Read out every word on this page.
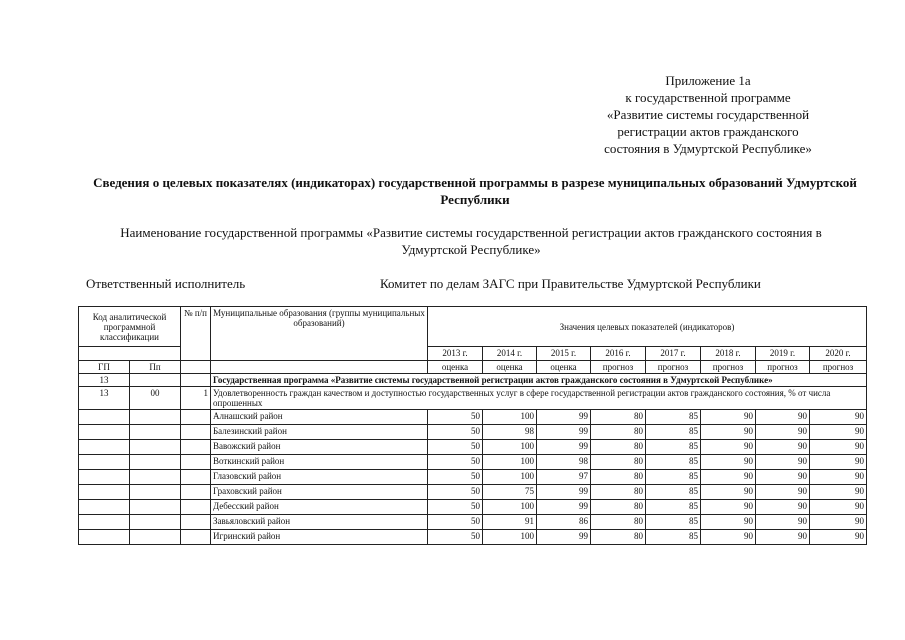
Приложение 1а
к государственной программе
«Развитие системы государственной
регистрации актов гражданского
состояния в Удмуртской Республике»
Сведения о целевых показателях (индикаторах) государственной программы в разрезе муниципальных образований Удмуртской Республики
Наименование государственной программы «Развитие системы государственной регистрации актов гражданского состояния в Удмуртской Республике»
Ответственный исполнитель	Комитет по делам ЗАГС при Правительстве Удмуртской Республики
Код аналитической программной классификации		№ п/п	Муниципальные образования (группы муниципальных образований)	Значения целевых показателей (индикаторов)							
				2013 г.	2014 г.	2015 г.	2016 г.	2017 г.	2018 г.	2019 г.	2020 г.
ГП	Пп			оценка	оценка	оценка	прогноз	прогноз	прогноз	прогноз	прогноз
13			Государственная программа «Развитие системы государственной регистрации актов гражданского состояния в Удмуртской Республике»								
13	00	1	Удовлетворенность граждан качеством и доступностью государственных услуг в сфере государственной регистрации актов гражданского состояния, % от числа опрошенных								
			Алнашский район	50	100	99	80	85	90	90	90
			Балезинский район	50	98	99	80	85	90	90	90
			Вавожский район	50	100	99	80	85	90	90	90
			Воткинский район	50	100	98	80	85	90	90	90
			Глазовский район	50	100	97	80	85	90	90	90
			Граховский район	50	75	99	80	85	90	90	90
			Дебесский район	50	100	99	80	85	90	90	90
			Завьяловский район	50	91	86	80	85	90	90	90
			Игринский район	50	100	99	80	85	90	90	90
